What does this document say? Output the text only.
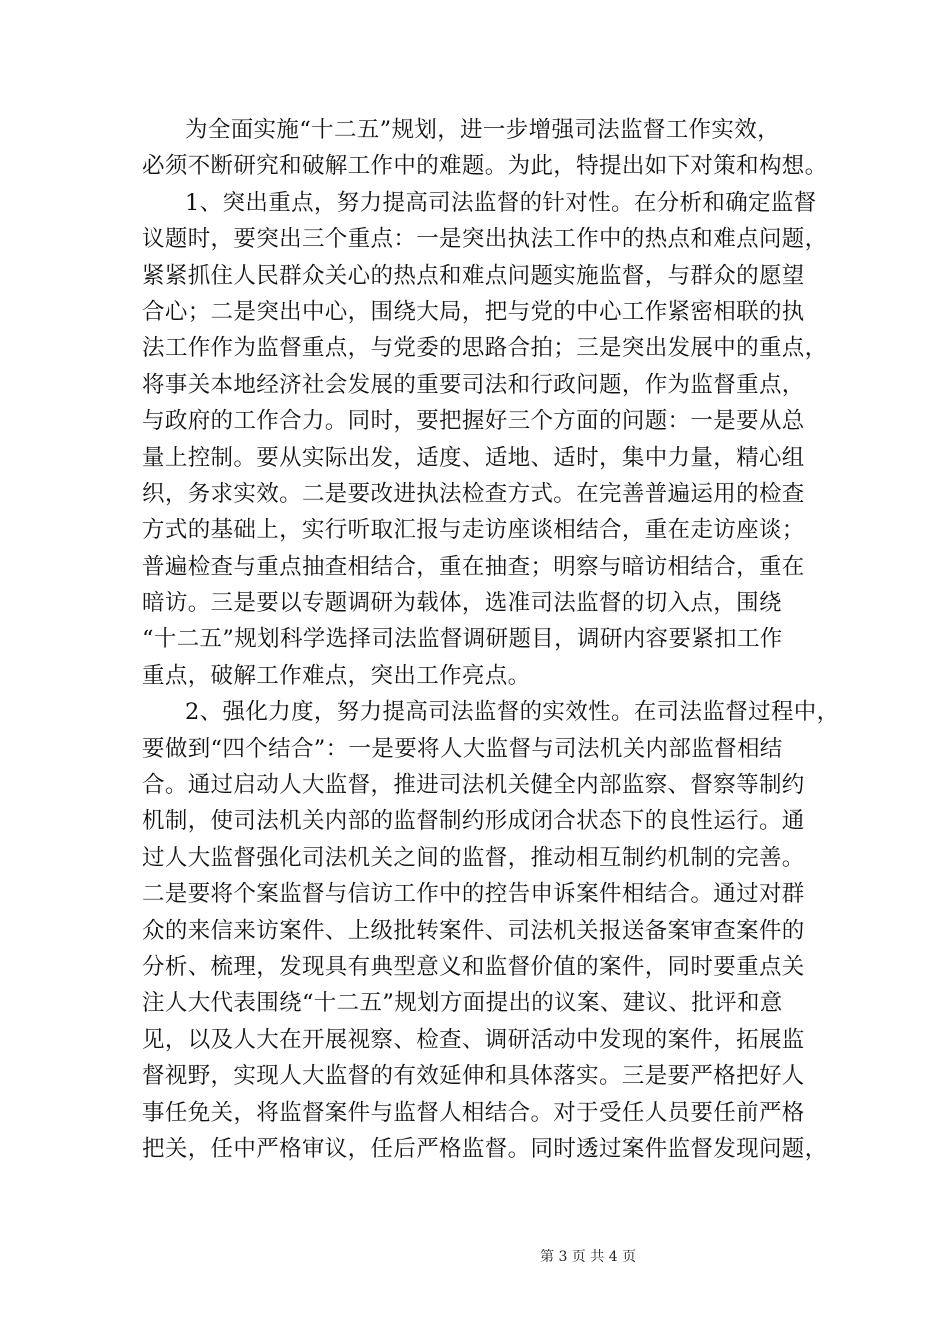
为全面实施“十二五”规划，进一步增强司法监督工作实效，
必须不断研究和破解工作中的难题。为此，特提出如下对策和构想。
1、突出重点，努力提高司法监督的针对性。在分析和确定监督
议题时，要突出三个重点：一是突出执法工作中的热点和难点问题，
紧紧抓住人民群众关心的热点和难点问题实施监督，与群众的愿望
合心；二是突出中心，围绕大局，把与党的中心工作紧密相联的执
法工作作为监督重点，与党委的思路合拍；三是突出发展中的重点，
将事关本地经济社会发展的重要司法和行政问题，作为监督重点，
与政府的工作合力。同时，要把握好三个方面的问题：一是要从总
量上控制。要从实际出发，适度、适地、适时，集中力量，精心组
织，务求实效。二是要改进执法检查方式。在完善普遍运用的检查
方式的基础上，实行听取汇报与走访座谈相结合，重在走访座谈；
普遍检查与重点抽查相结合，重在抽查；明察与暗访相结合，重在
暗访。三是要以专题调研为载体，选准司法监督的切入点，围绕
“十二五”规划科学选择司法监督调研题目，调研内容要紧扣工作
重点，破解工作难点，突出工作亮点。
2、强化力度，努力提高司法监督的实效性。在司法监督过程中，
要做到“四个结合”：一是要将人大监督与司法机关内部监督相结
合。通过启动人大监督，推进司法机关健全内部监察、督察等制约
机制，使司法机关内部的监督制约形成闭合状态下的良性运行。通
过人大监督强化司法机关之间的监督，推动相互制约机制的完善。
二是要将个案监督与信访工作中的控告申诉案件相结合。通过对群
众的来信来访案件、上级批转案件、司法机关报送备案审查案件的
分析、梳理，发现具有典型意义和监督价值的案件，同时要重点关
注人大代表围绕“十二五”规划方面提出的议案、建议、批评和意
见，以及人大在开展视察、检查、调研活动中发现的案件，拓展监
督视野，实现人大监督的有效延伸和具体落实。三是要严格把好人
事任免关，将监督案件与监督人相结合。对于受任人员要任前严格
把关，任中严格审议，任后严格监督。同时透过案件监督发现问题，
第 3 页 共 4 页
